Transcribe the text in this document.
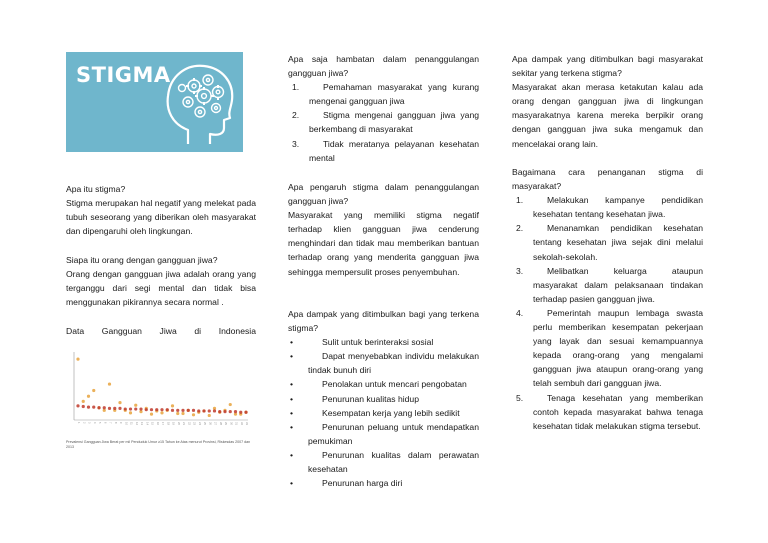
STIGMA
Apa itu stigma?
Stigma merupakan hal negatif yang melekat pada tubuh seseorang yang diberikan oleh masyarakat dan dipengaruhi oleh lingkungan.
Siapa itu orang dengan gangguan jiwa?
Orang dengan gangguan jiwa adalah orang yang terganggu dari segi mental dan tidak bisa menggunakan pikirannya secara normal .
Data Gangguan Jiwa di Indonesia
1 2 3 4 5 6 7 8 9 10 11 12 13 14 15 16 17 18 19 20 21 22 23 24 25 26 27 28 29 30 31 32 33
Prevalensi Gangguan Jiwa Berat per mil Penduduk Umur ≥15 Tahun ke Atas menurut Provinsi, Riskesdas 2007 dan 2013
Apa saja hambatan dalam penanggulangan gangguan jiwa?
1.	Pemahaman masyarakat yang kurang mengenai gangguan jiwa
2.	Stigma mengenai gangguan jiwa yang berkembang di masyarakat
3.	Tidak meratanya pelayanan kesehatan mental
Apa pengaruh stigma dalam penanggulangan gangguan jiwa?
Masyarakat yang memiliki stigma negatif terhadap klien gangguan jiwa cenderung menghindari dan tidak mau memberikan bantuan terhadap orang yang menderita gangguan jiwa sehingga mempersulit proses penyembuhan.
Apa dampak yang ditimbulkan bagi yang terkena stigma?
•	Sulit untuk berinteraksi sosial
•	Dapat menyebabkan individu melakukan tindak bunuh diri
•	Penolakan untuk mencari pengobatan
•	Penurunan kualitas hidup
•	Kesempatan kerja yang lebih sedikit
•	Penurunan peluang untuk mendapatkan pemukiman
•	Penurunan kualitas dalam perawatan kesehatan
•	Penurunan harga diri
Apa dampak yang ditimbulkan bagi masyarakat sekitar yang terkena stigma?
Masyarakat akan merasa ketakutan kalau ada orang dengan gangguan jiwa di lingkungan masyarakatnya karena mereka berpikir orang dengan gangguan jiwa suka mengamuk dan mencelakai orang lain.
Bagaimana cara penanganan stigma di masyarakat?
1.	Melakukan kampanye pendidikan kesehatan tentang kesehatan jiwa.
2.	Menanamkan pendidikan kesehatan tentang kesehatan jiwa sejak dini melalui sekolah-sekolah.
3.	Melibatkan keluarga ataupun masyarakat dalam pelaksanaan tindakan terhadap pasien gangguan jiwa.
4.	Pemerintah maupun lembaga swasta perlu memberikan kesempatan pekerjaan yang layak dan sesuai kemampuannya kepada orang-orang yang mengalami gangguan jiwa ataupun orang-orang yang telah sembuh dari gangguan jiwa.
5.	Tenaga kesehatan yang memberikan contoh kepada masyarakat bahwa tenaga kesehatan tidak melakukan stigma tersebut.
